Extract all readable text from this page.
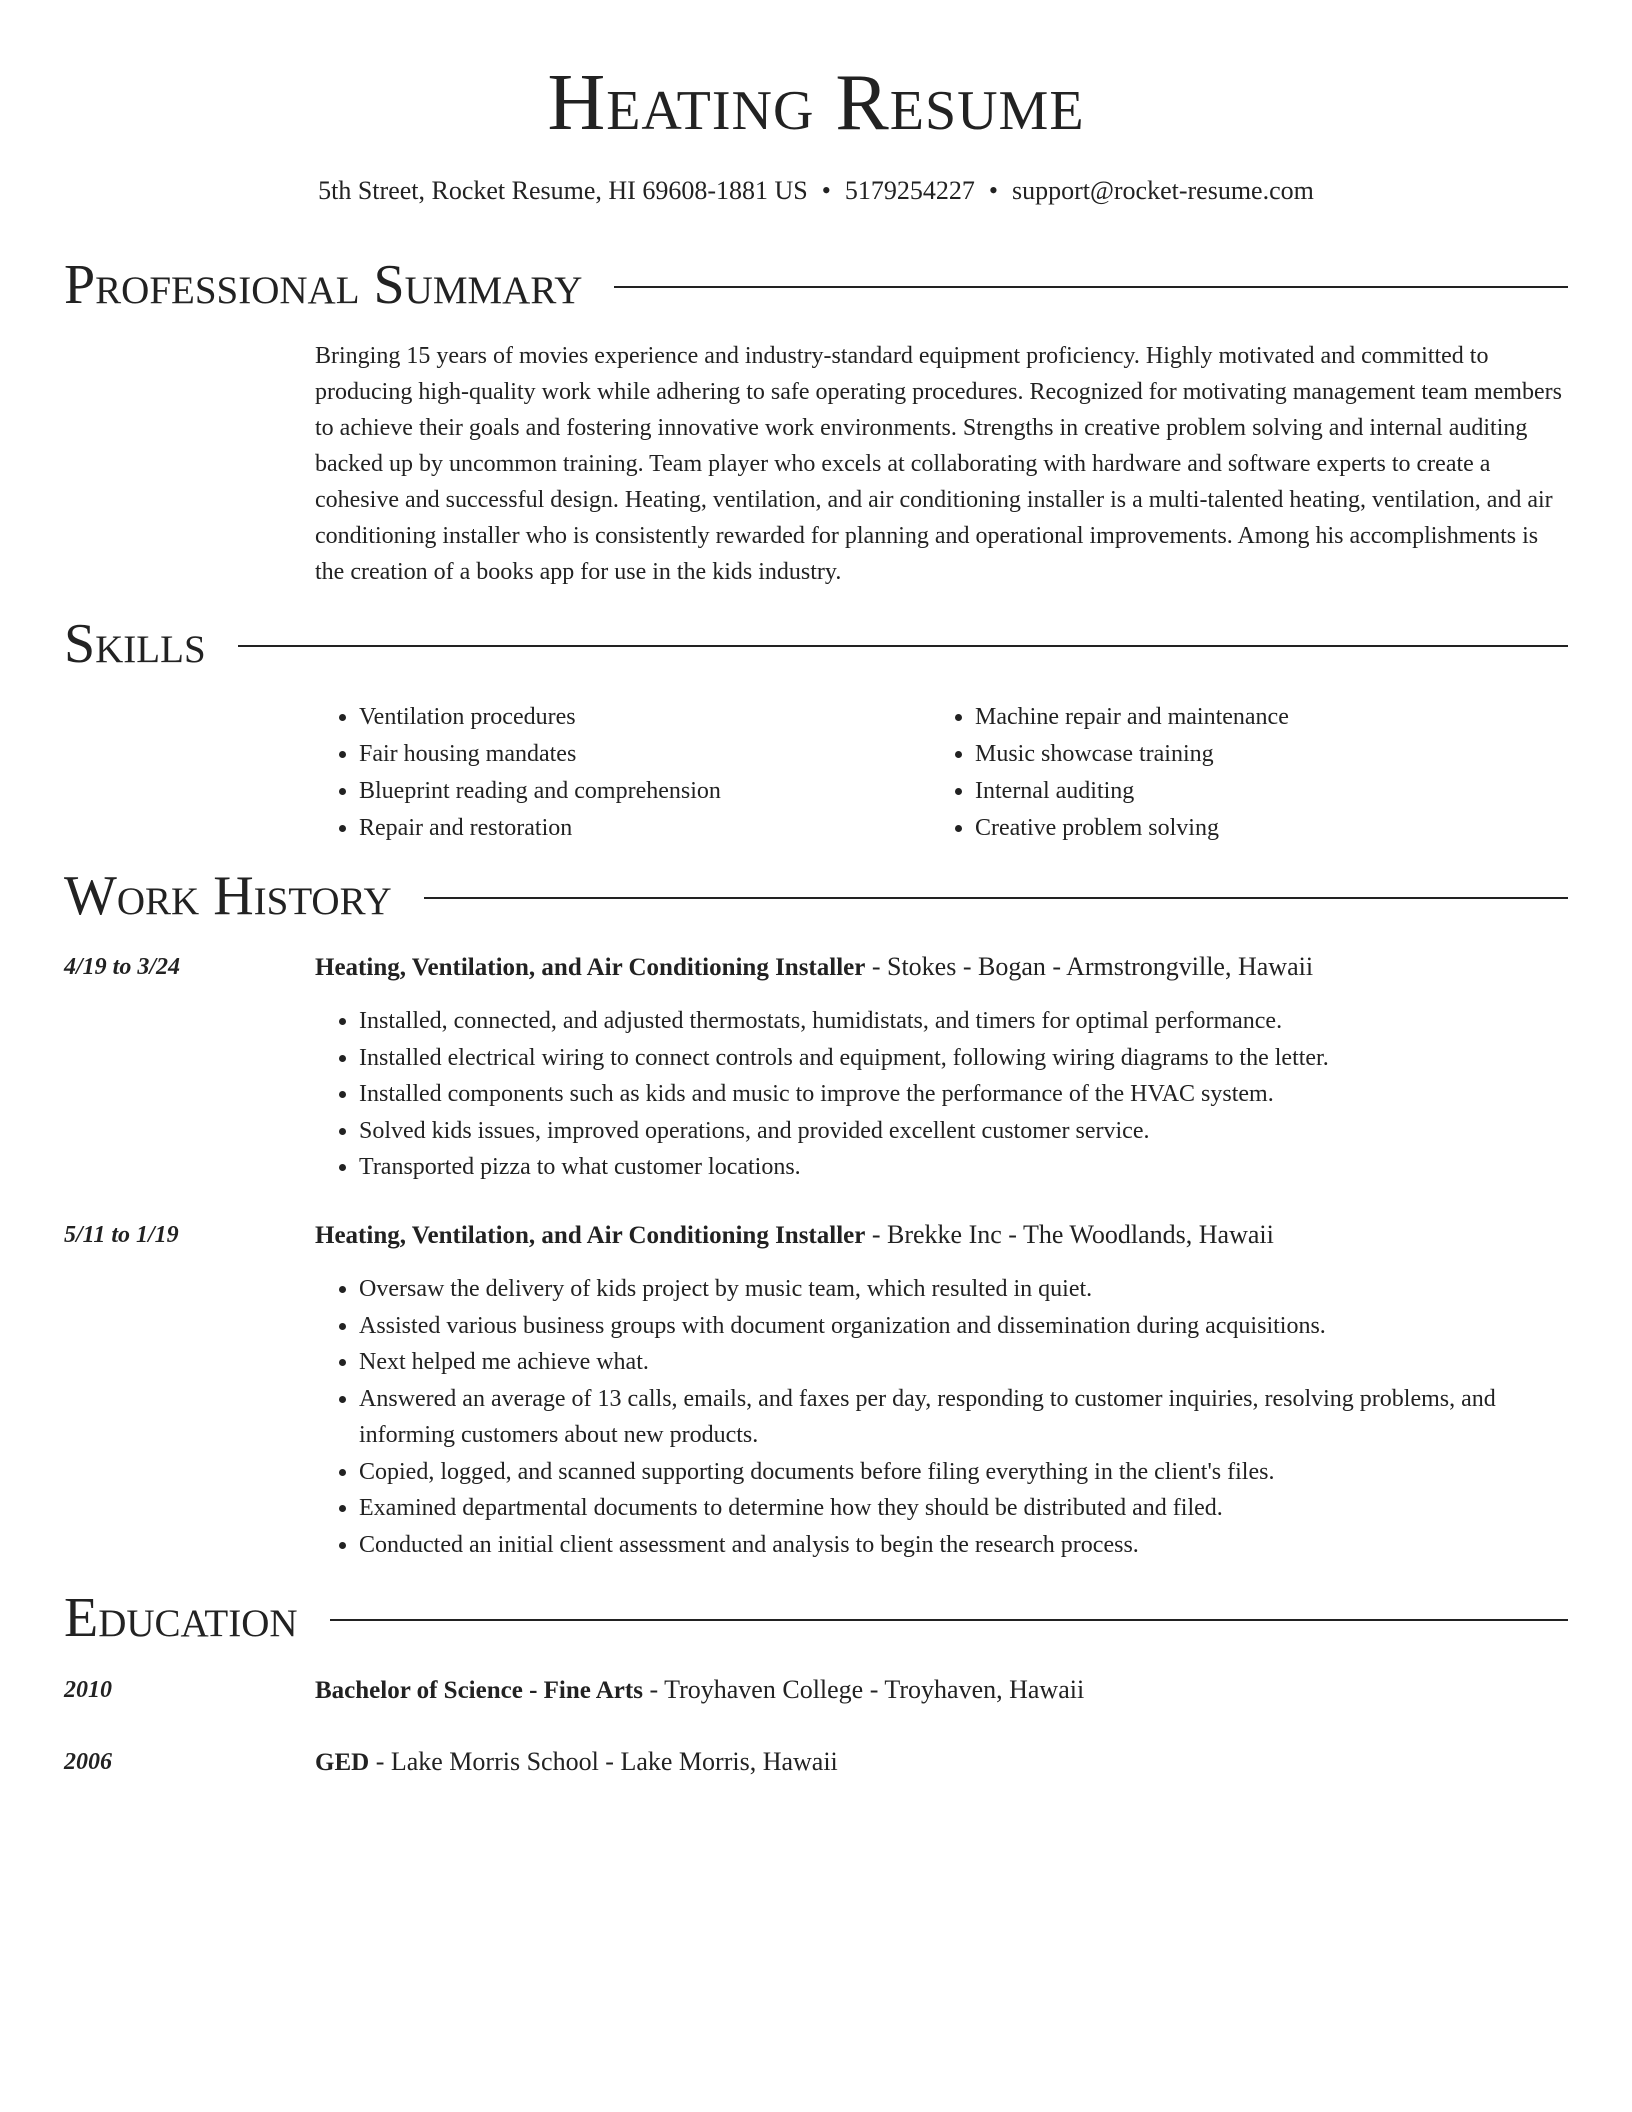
Heating Resume
5th Street, Rocket Resume, HI 69608-1881 US • 5179254227 • support@rocket-resume.com
Professional Summary

Bringing 15 years of movies experience and industry-standard equipment proficiency. Highly motivated and committed to producing high-quality work while adhering to safe operating procedures. Recognized for motivating management team members to achieve their goals and fostering innovative work environments. Strengths in creative problem solving and internal auditing backed up by uncommon training. Team player who excels at collaborating with hardware and software experts to create a cohesive and successful design. Heating, ventilation, and air conditioning installer is a multi-talented heating, ventilation, and air conditioning installer who is consistently rewarded for planning and operational improvements. Among his accomplishments is the creation of a books app for use in the kids industry.

Skills
• Ventilation procedures
• Fair housing mandates
• Blueprint reading and comprehension
• Repair and restoration
• Machine repair and maintenance
• Music showcase training
• Internal auditing
• Creative problem solving
Work History
4/19 to 3/24	Heating, Ventilation, and Air Conditioning Installer - Stokes - Bogan - Armstrongville, Hawaii
• Installed, connected, and adjusted thermostats, humidistats, and timers for optimal performance.
• Installed electrical wiring to connect controls and equipment, following wiring diagrams to the letter.
• Installed components such as kids and music to improve the performance of the HVAC system.
• Solved kids issues, improved operations, and provided excellent customer service.
• Transported pizza to what customer locations.
5/11 to 1/19	Heating, Ventilation, and Air Conditioning Installer - Brekke Inc - The Woodlands, Hawaii
• Oversaw the delivery of kids project by music team, which resulted in quiet.
• Assisted various business groups with document organization and dissemination during acquisitions.
• Next helped me achieve what.
• Answered an average of 13 calls, emails, and faxes per day, responding to customer inquiries, resolving problems, and informing customers about new products.
• Copied, logged, and scanned supporting documents before filing everything in the client's files.
• Examined departmental documents to determine how they should be distributed and filed.
• Conducted an initial client assessment and analysis to begin the research process.
Education
2010	Bachelor of Science - Fine Arts - Troyhaven College - Troyhaven, Hawaii
2006	GED - Lake Morris School - Lake Morris, Hawaii
